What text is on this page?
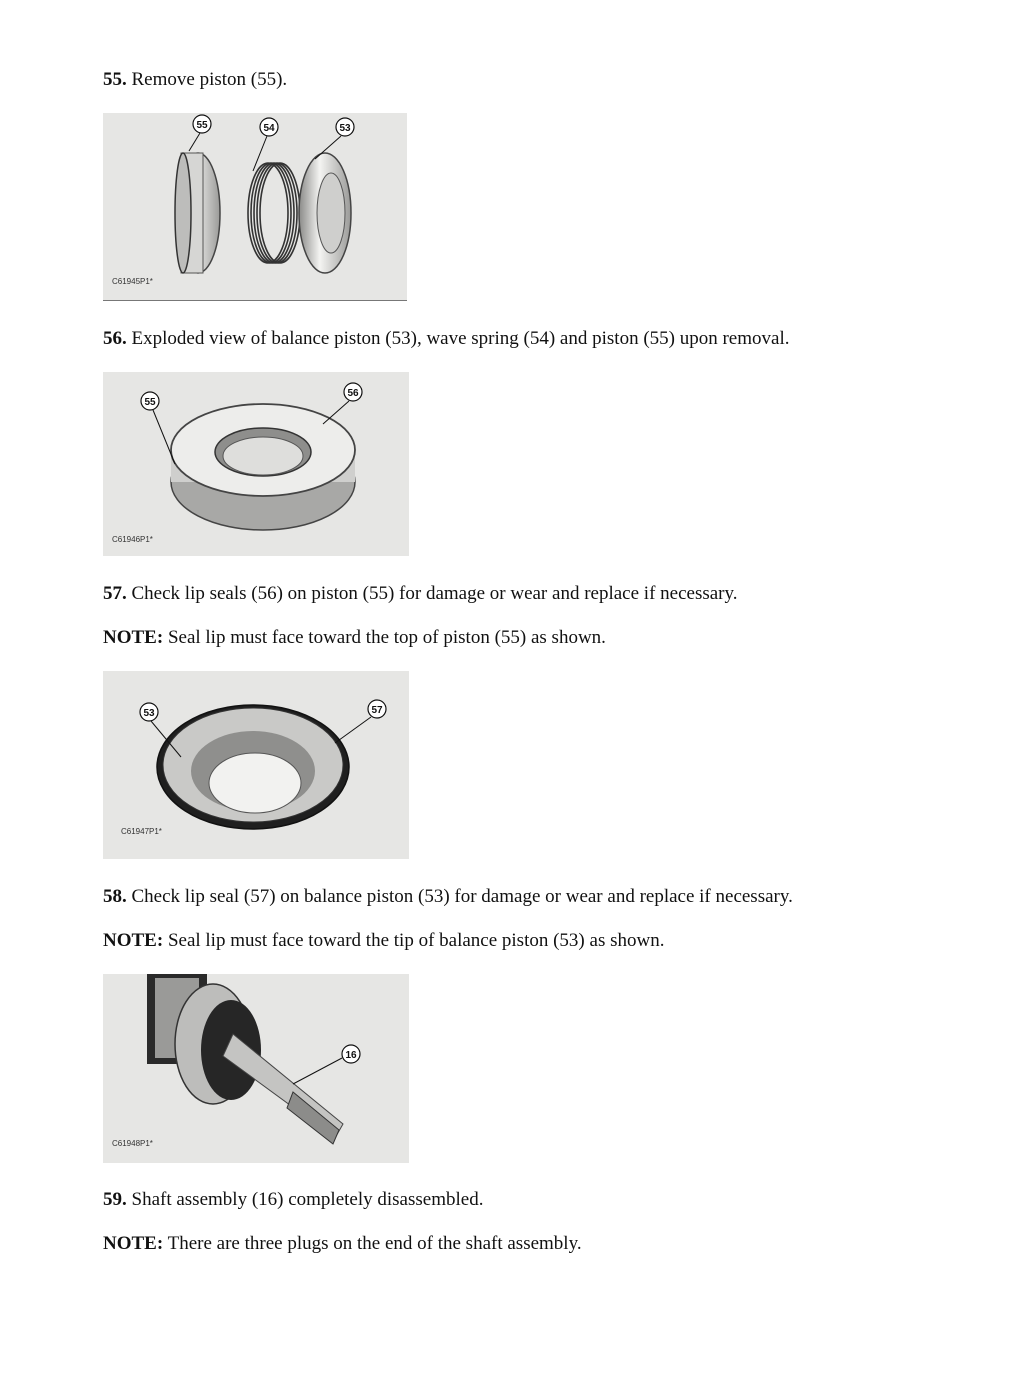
55. Remove piston (55).
55	54	53
C61945P1*
56. Exploded view of balance piston (53), wave spring (54) and piston (55) upon removal.
55
56
C61946P1*
57. Check lip seals (56) on piston (55) for damage or wear and replace if necessary.
NOTE: Seal lip must face toward the top of piston (55) as shown.
53	57
C61947P1*
58. Check lip seal (57) on balance piston (53) for damage or wear and replace if necessary.
NOTE: Seal lip must face toward the tip of balance piston (53) as shown.
16
C61948P1*
59. Shaft assembly (16) completely disassembled.
NOTE: There are three plugs on the end of the shaft assembly.
